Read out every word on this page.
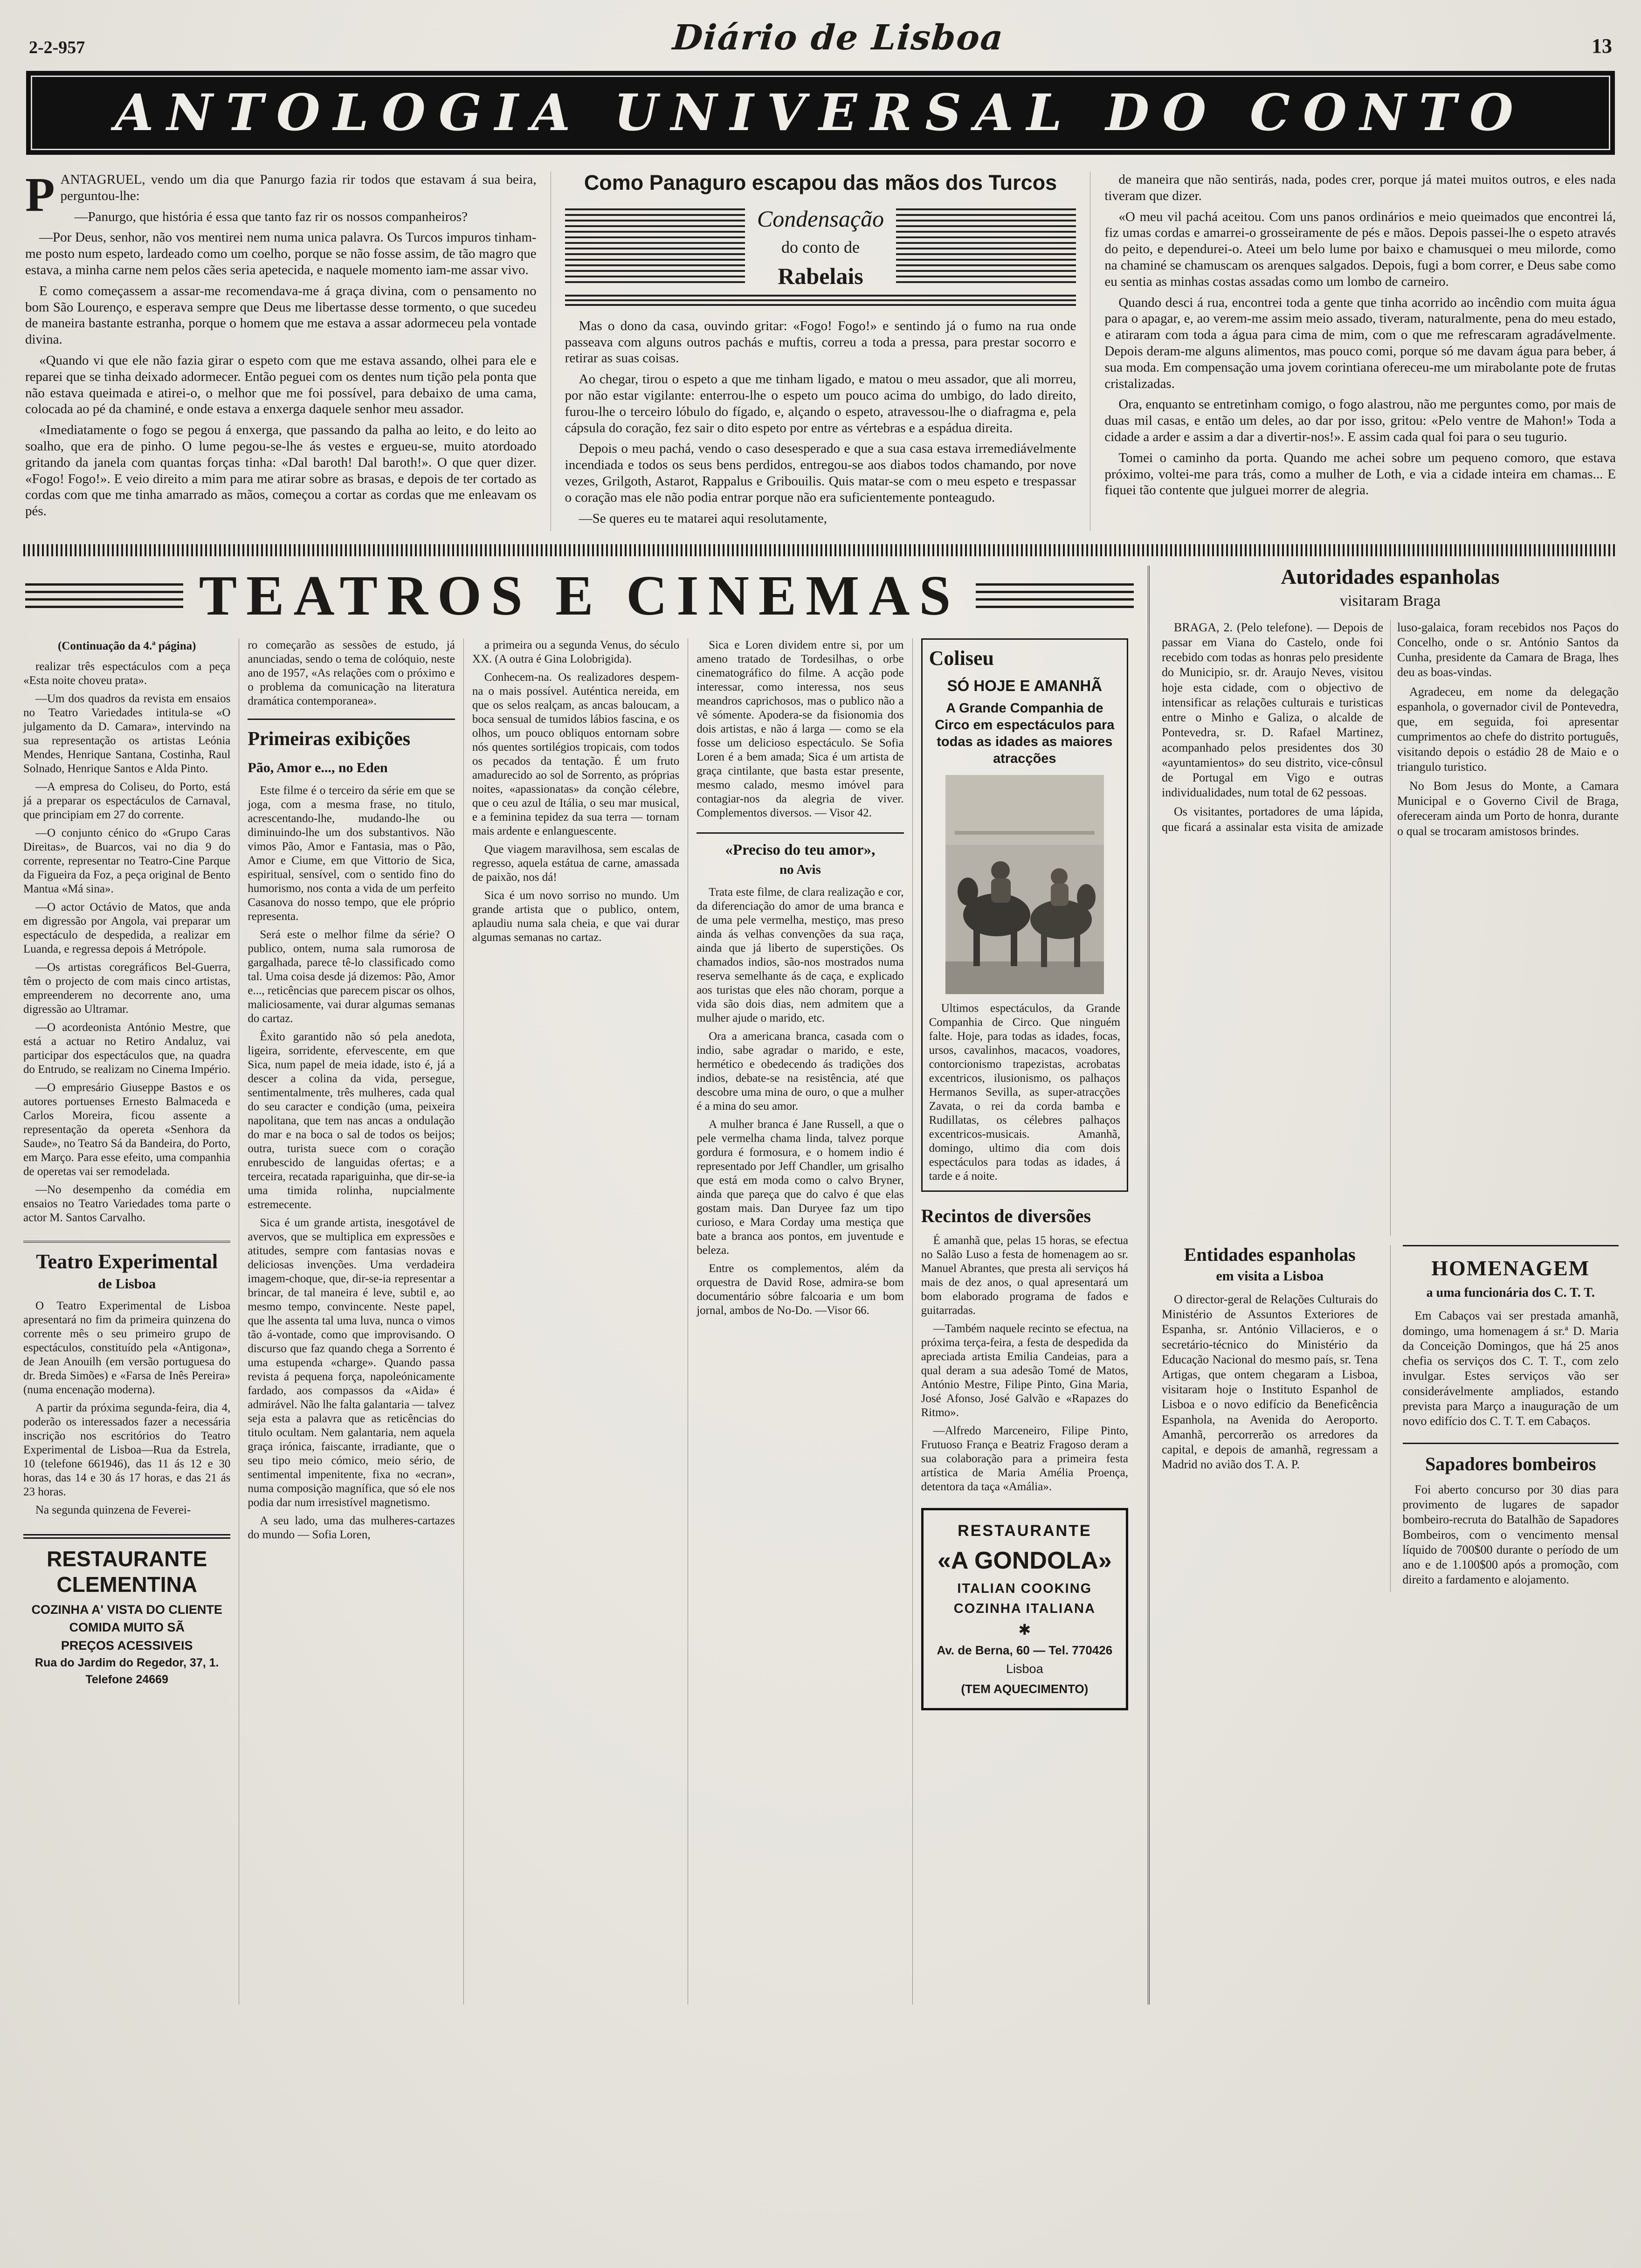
2-2-957	Diário de Lisboa	13
ANTOLOGIA UNIVERSAL DO CONTO

PANTAGRUEL, vendo um dia que Panurgo fazia rir todos que estavam á sua beira, perguntou-lhe:

—Panurgo, que história é essa que tanto faz rir os nossos companheiros?

—Por Deus, senhor, não vos mentirei nem numa unica palavra. Os Turcos impuros tinham-me posto num espeto, lardeado como um coelho, porque se não fosse assim, de tão magro que estava, a minha carne nem pelos cães seria apetecida, e naquele momento iam-me assar vivo.

E como começassem a assar-me recomendava-me á graça divina, com o pensamento no bom São Lourenço, e esperava sempre que Deus me libertasse desse tormento, o que sucedeu de maneira bastante estranha, porque o homem que me estava a assar adormeceu pela vontade divina.

«Quando vi que ele não fazia girar o espeto com que me estava assando, olhei para ele e reparei que se tinha deixado adormecer. Então peguei com os dentes num tição pela ponta que não estava queimada e atirei-o, o melhor que me foi possível, para debaixo de uma cama, colocada ao pé da chaminé, e onde estava a enxerga daquele senhor meu assador.

«Imediatamente o fogo se pegou á enxerga, que passando da palha ao leito, e do leito ao soalho, que era de pinho. O lume pegou-se-lhe ás vestes e ergueu-se, muito atordoado gritando da janela com quantas forças tinha: «Dal baroth! Dal baroth!». O que quer dizer. «Fogo! Fogo!». E veio direito a mim para me atirar sobre as brasas, e depois de ter cortado as cordas com que me tinha amarrado as mãos, começou a cortar as cordas que me enleavam os pés.

Como Panaguro escapou das mãos dos Turcos
Condensação
do conto de
Rabelais

Mas o dono da casa, ouvindo gritar: «Fogo! Fogo!» e sentindo já o fumo na rua onde passeava com alguns outros pachás e muftis, correu a toda a pressa, para prestar socorro e retirar as suas coisas.

Ao chegar, tirou o espeto a que me tinham ligado, e matou o meu assador, que ali morreu, por não estar vigilante: enterrou-lhe o espeto um pouco acima do umbigo, do lado direito, furou-lhe o terceiro lóbulo do fígado, e, alçando o espeto, atravessou-lhe o diafragma e, pela cápsula do coração, fez sair o dito espeto por entre as vértebras e a espádua direita.

Depois o meu pachá, vendo o caso desesperado e que a sua casa estava irremediávelmente incendiada e todos os seus bens perdidos, entregou-se aos diabos todos chamando, por nove vezes, Grilgoth, Astarot, Rappalus e Gribouilis. Quis matar-se com o meu espeto e trespassar o coração mas ele não podia entrar porque não era suficientemente ponteagudo.

—Se queres eu te matarei aqui resolutamente,

de maneira que não sentirás, nada, podes crer, porque já matei muitos outros, e eles nada tiveram que dizer.

«O meu vil pachá aceitou. Com uns panos ordinários e meio queimados que encontrei lá, fiz umas cordas e amarrei-o grosseiramente de pés e mãos. Depois passei-lhe o espeto através do peito, e dependurei-o. Ateei um belo lume por baixo e chamusquei o meu milorde, como na chaminé se chamuscam os arenques salgados. Depois, fugi a bom correr, e Deus sabe como eu sentia as minhas costas assadas como um lombo de carneiro.

Quando desci á rua, encontrei toda a gente que tinha acorrido ao incêndio com muita água para o apagar, e, ao verem-me assim meio assado, tiveram, naturalmente, pena do meu estado, e atiraram com toda a água para cima de mim, com o que me refrescaram agradávelmente. Depois deram-me alguns alimentos, mas pouco comi, porque só me davam água para beber, á sua moda. Em compensação uma jovem corintiana ofereceu-me um mirabolante pote de frutas cristalizadas.

Ora, enquanto se entretinham comigo, o fogo alastrou, não me perguntes como, por mais de duas mil casas, e então um deles, ao dar por isso, gritou: «Pelo ventre de Mahon!» Toda a cidade a arder e assim a dar a divertir-nos!». E assim cada qual foi para o seu tugurio.

Tomei o caminho da porta. Quando me achei sobre um pequeno comoro, que estava próximo, voltei-me para trás, como a mulher de Loth, e via a cidade inteira em chamas... E fiquei tão contente que julguei morrer de alegria.

TEATROS E CINEMAS
(Continuação da 4.ª página)

realizar três espectáculos com a peça «Esta noite choveu prata».

—Um dos quadros da revista em ensaios no Teatro Variedades intitula-se «O julgamento da D. Camara», intervindo na sua representação os artistas Leónia Mendes, Henrique Santana, Costinha, Raul Solnado, Henrique Santos e Alda Pinto.

—A empresa do Coliseu, do Porto, está já a preparar os espectáculos de Carnaval, que principiam em 27 do corrente.

—O conjunto cénico do «Grupo Caras Direitas», de Buarcos, vai no dia 9 do corrente, representar no Teatro-Cine Parque da Figueira da Foz, a peça original de Bento Mantua «Má sina».

—O actor Octávio de Matos, que anda em digressão por Angola, vai preparar um espectáculo de despedida, a realizar em Luanda, e regressa depois á Metrópole.

—Os artistas coregráficos Bel-Guerra, têm o projecto de com mais cinco artistas, empreenderem no decorrente ano, uma digressão ao Ultramar.

—O acordeonista António Mestre, que está a actuar no Retiro Andaluz, vai participar dos espectáculos que, na quadra do Entrudo, se realizam no Cinema Império.

—O empresário Giuseppe Bastos e os autores portuenses Ernesto Balmaceda e Carlos Moreira, ficou assente a representação da opereta «Senhora da Saude», no Teatro Sá da Bandeira, do Porto, em Março. Para esse efeito, uma companhia de operetas vai ser remodelada.

—No desempenho da comédia em ensaios no Teatro Variedades toma parte o actor M. Santos Carvalho.

Teatro Experimental
de Lisboa

O Teatro Experimental de Lisboa apresentará no fim da primeira quinzena do corrente mês o seu primeiro grupo de espectáculos, constituído pela «Antigona», de Jean Anouilh (em versão portuguesa do dr. Breda Simões) e «Farsa de Inês Pereira» (numa encenação moderna).

A partir da próxima segunda-feira, dia 4, poderão os interessados fazer a necessária inscrição nos escritórios do Teatro Experimental de Lisboa—Rua da Estrela, 10 (telefone 661946), das 11 ás 12 e 30 horas, das 14 e 30 ás 17 horas, e das 21 ás 23 horas.

Na segunda quinzena de Feverei-

RESTAURANTE CLEMENTINA
COZINHA A' VISTA DO CLIENTE
COMIDA MUITO SÃ
PREÇOS ACESSIVEIS
Rua do Jardim do Regedor, 37, 1.
Telefone 24669

ro começarão as sessões de estudo, já anunciadas, sendo o tema de colóquio, neste ano de 1957, «As relações com o próximo e o problema da comunicação na literatura dramática contemporanea».

Primeiras exibições
Pão, Amor e..., no Eden

Este filme é o terceiro da série em que se joga, com a mesma frase, no titulo, acrescentando-lhe, mudando-lhe ou diminuindo-lhe um dos substantivos. Não vimos Pão, Amor e Fantasia, mas o Pão, Amor e Ciume, em que Vittorio de Sica, espiritual, sensível, com o sentido fino do humorismo, nos conta a vida de um perfeito Casanova do nosso tempo, que ele próprio representa.

Será este o melhor filme da série? O publico, ontem, numa sala rumorosa de gargalhada, parece tê-lo classificado como tal. Uma coisa desde já dizemos: Pão, Amor e..., reticências que parecem piscar os olhos, maliciosamente, vai durar algumas semanas do cartaz.

Êxito garantido não só pela anedota, ligeira, sorridente, efervescente, em que Sica, num papel de meia idade, isto é, já a descer a colina da vida, persegue, sentimentalmente, três mulheres, cada qual do seu caracter e condição (uma, peixeira napolitana, que tem nas ancas a ondulação do mar e na boca o sal de todos os beijos; outra, turista suece com o coração enrubescido de languidas ofertas; e a terceira, recatada rapariguinha, que dir-se-ia uma timida rolinha, nupcialmente estremecente.

Sica é um grande artista, inesgotável de avervos, que se multiplica em expressões e atitudes, sempre com fantasias novas e deliciosas invenções. Uma verdadeira imagem-choque, que, dir-se-ia representar a brincar, de tal maneira é leve, subtil e, ao mesmo tempo, convincente. Neste papel, que lhe assenta tal uma luva, nunca o vimos tão á-vontade, como que improvisando. O discurso que faz quando chega a Sorrento é uma estupenda «charge». Quando passa revista á pequena força, napoleónicamente fardado, aos compassos da «Aida» é admirável. Não lhe falta galantaria — talvez seja esta a palavra que as reticências do titulo ocultam. Nem galantaria, nem aquela graça irónica, faiscante, irradiante, que o seu tipo meio cómico, meio sério, de sentimental impenitente, fixa no «ecran», numa composição magnífica, que só ele nos podia dar num irresistível magnetismo.

A seu lado, uma das mulheres-cartazes do mundo — Sofia Loren,

a primeira ou a segunda Venus, do século XX. (A outra é Gina Lolobrigida).

Conhecem-na. Os realizadores despem-na o mais possível. Auténtica nereida, em que os selos realçam, as ancas baloucam, a boca sensual de tumidos lábios fascina, e os olhos, um pouco obliquos entornam sobre nós quentes sortilégios tropicais, com todos os pecados da tentação. É um fruto amadurecido ao sol de Sorrento, as próprias noites, «apassionatas» da conção célebre, que o ceu azul de Itália, o seu mar musical, e a feminina tepidez da sua terra — tornam mais ardente e enlanguescente.

Que viagem maravilhosa, sem escalas de regresso, aquela estátua de carne, amassada de paixão, nos dá!

Sica é um novo sorriso no mundo. Um grande artista que o publico, ontem, aplaudiu numa sala cheia, e que vai durar algumas semanas no cartaz.

Sica e Loren dividem entre si, por um ameno tratado de Tordesilhas, o orbe cinematográfico do filme. A acção pode interessar, como interessa, nos seus meandros caprichosos, mas o publico não a vê sómente. Apodera-se da fisionomia dos dois artistas, e não á larga — como se ela fosse um delicioso espectáculo. Se Sofia Loren é a bem amada; Sica é um artista de graça cintilante, que basta estar presente, mesmo calado, mesmo imóvel para contagiar-nos da alegria de viver. Complementos diversos. — Visor 42.

«Preciso do teu amor»,
no Avis

Trata este filme, de clara realização e cor, da diferenciação do amor de uma branca e de uma pele vermelha, mestiço, mas preso ainda ás velhas convenções da sua raça, ainda que já liberto de superstições. Os chamados indios, são-nos mostrados numa reserva semelhante ás de caça, e explicado aos turistas que eles não choram, porque a vida são dois dias, nem admitem que a mulher ajude o marido, etc.

Ora a americana branca, casada com o indio, sabe agradar o marido, e este, hermético e obedecendo ás tradições dos indios, debate-se na resistência, até que descobre uma mina de ouro, o que a mulher é a mina do seu amor.

A mulher branca é Jane Russell, a que o pele vermelha chama linda, talvez porque gordura é formosura, e o homem indio é representado por Jeff Chandler, um grisalho que está em moda como o calvo Bryner, ainda que pareça que do calvo é que elas gostam mais. Dan Duryee faz um tipo curioso, e Mara Corday uma mestiça que bate a branca aos pontos, em juventude e beleza.

Entre os complementos, além da orquestra de David Rose, admira-se bom documentário sóbre falcoaria e um bom jornal, ambos de No-Do. —Visor 66.

Coliseu
SÓ HOJE E AMANHÃ
A Grande Companhia de Circo em espectáculos para todas as idades as maiores atracções

Ultimos espectáculos, da Grande Companhia de Circo. Que ninguém falte. Hoje, para todas as idades, focas, ursos, cavalinhos, macacos, voadores, contorcionismo trapezistas, acrobatas excentricos, ilusionismo, os palhaços Hermanos Sevilla, as super-atracções Zavata, o rei da corda bamba e Rudillatas, os célebres palhaços excentricos-musicais. Amanhã, domingo, ultimo dia com dois espectáculos para todas as idades, á tarde e á noite.

Recintos de diversões

É amanhã que, pelas 15 horas, se efectua no Salão Luso a festa de homenagem ao sr. Manuel Abrantes, que presta ali serviços há mais de dez anos, o qual apresentará um bom elaborado programa de fados e guitarradas.

—Também naquele recinto se efectua, na próxima terça-feira, a festa de despedida da apreciada artista Emilia Candeias, para a qual deram a sua adesão Tomé de Matos, António Mestre, Filipe Pinto, Gina Maria, José Afonso, José Galvão e «Rapazes do Ritmo».

—Alfredo Marceneiro, Filipe Pinto, Frutuoso França e Beatriz Fragoso deram a sua colaboração para a primeira festa artística de Maria Amélia Proença, detentora da taça «Amália».

RESTAURANTE
«A GONDOLA»
ITALIAN COOKING
COZINHA ITALIANA
✱
Av. de Berna, 60 — Tel. 770426
Lisboa
(TEM AQUECIMENTO)
Autoridades espanholas
visitaram Braga

BRAGA, 2. (Pelo telefone). — Depois de passar em Viana do Castelo, onde foi recebido com todas as honras pelo presidente do Municipio, sr. dr. Araujo Neves, visitou hoje esta cidade, com o objectivo de intensificar as relações culturais e turisticas entre o Minho e Galiza, o alcalde de Pontevedra, sr. D. Rafael Martinez, acompanhado pelos presidentes dos 30 «ayuntamientos» do seu distrito, vice-cônsul de Portugal em Vigo e outras individualidades, num total de 62 pessoas.

Os visitantes, portadores de uma lápida, que ficará a assinalar esta visita de amizade luso-galaica, foram recebidos nos Paços do Concelho, onde o sr. António Santos da Cunha, presidente da Camara de Braga, lhes deu as boas-vindas.

Agradeceu, em nome da delegação espanhola, o governador civil de Pontevedra, que, em seguida, foi apresentar cumprimentos ao chefe do distrito português, visitando depois o estádio 28 de Maio e o triangulo turistico.

No Bom Jesus do Monte, a Camara Municipal e o Governo Civil de Braga, ofereceram ainda um Porto de honra, durante o qual se trocaram amistosos brindes.

Entidades espanholas
em visita a Lisboa

O director-geral de Relações Culturais do Ministério de Assuntos Exteriores de Espanha, sr. António Villacieros, e o secretário-técnico do Ministério da Educação Nacional do mesmo país, sr. Tena Artigas, que ontem chegaram a Lisboa, visitaram hoje o Instituto Espanhol de Lisboa e o novo edifício da Beneficência Espanhola, na Avenida do Aeroporto. Amanhã, percorrerão os arredores da capital, e depois de amanhã, regressam a Madrid no avião dos T. A. P.

HOMENAGEM
a uma funcionária dos C. T. T.

Em Cabaços vai ser prestada amanhã, domingo, uma homenagem á sr.ª D. Maria da Conceição Domingos, que há 25 anos chefia os serviços dos C. T. T., com zelo invulgar. Estes serviços vão ser considerávelmente ampliados, estando prevista para Março a inauguração de um novo edifício dos C. T. T. em Cabaços.

Sapadores bombeiros

Foi aberto concurso por 30 dias para provimento de lugares de sapador bombeiro-recruta do Batalhão de Sapadores Bombeiros, com o vencimento mensal líquido de 700$00 durante o período de um ano e de 1.100$00 após a promoção, com direito a fardamento e alojamento.
